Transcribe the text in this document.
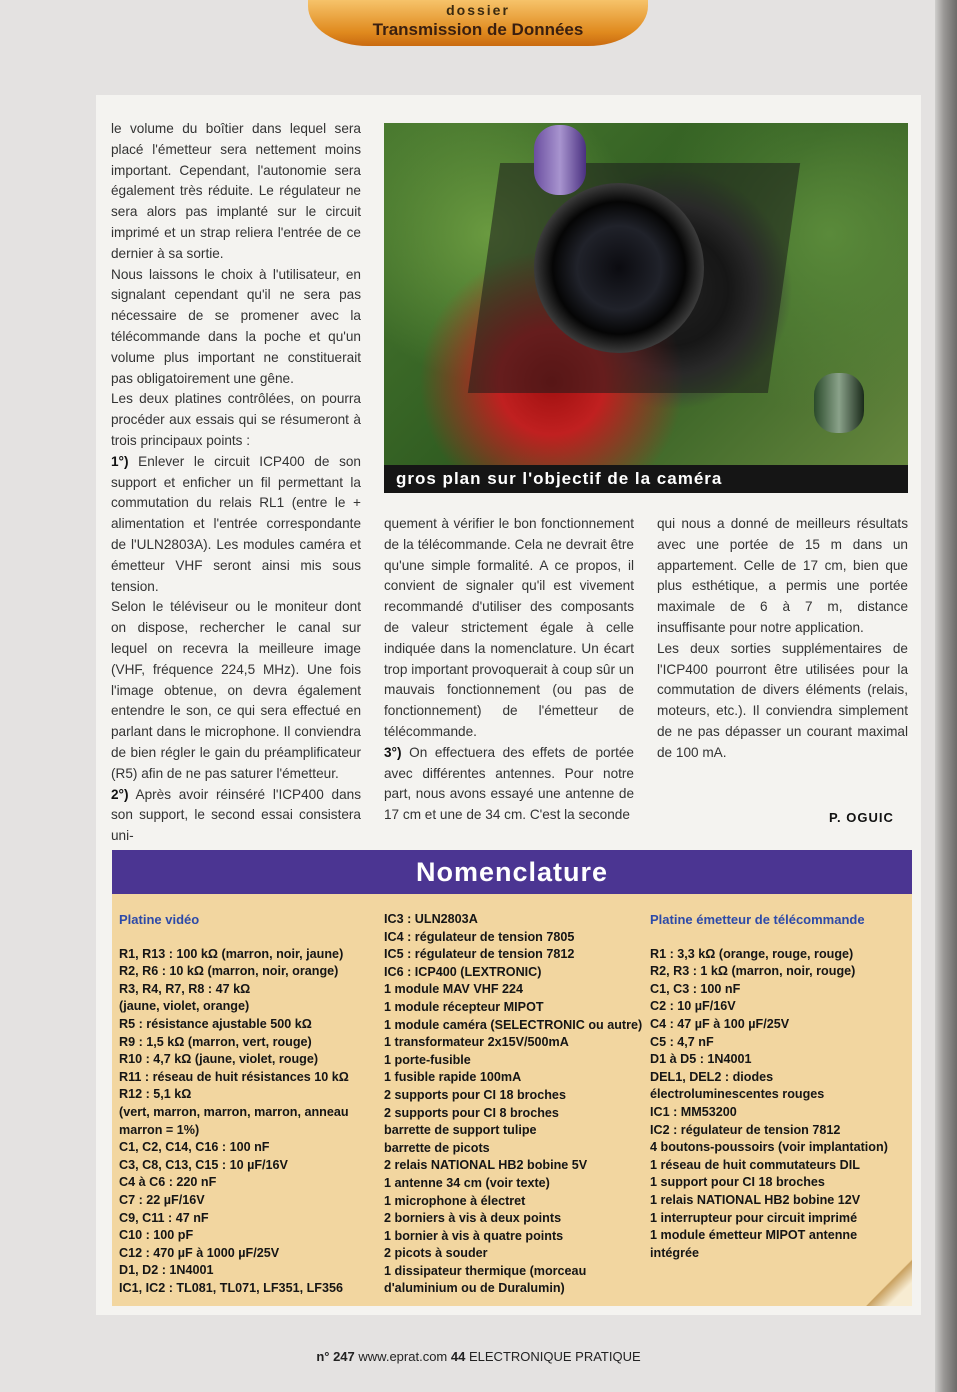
dossier
Transmission de Données

le volume du boîtier dans lequel sera placé l'émetteur sera nettement moins important. Cependant, l'autonomie sera également très réduite. Le régulateur ne sera alors pas implanté sur le circuit imprimé et un strap reliera l'entrée de ce dernier à sa sortie.

Nous laissons le choix à l'utilisateur, en signalant cependant qu'il ne sera pas nécessaire de se promener avec la télécommande dans la poche et qu'un volume plus important ne constituerait pas obligatoirement une gêne.

Les deux platines contrôlées, on pourra procéder aux essais qui se résumeront à trois principaux points :

1°) Enlever le circuit ICP400 de son support et enficher un fil permettant la commutation du relais RL1 (entre le + alimentation et l'entrée correspondante de l'ULN2803A). Les modules caméra et émetteur VHF seront ainsi mis sous tension.

Selon le téléviseur ou le moniteur dont on dispose, rechercher le canal sur lequel on recevra la meilleure image (VHF, fréquence 224,5 MHz). Une fois l'image obtenue, on devra également entendre le son, ce qui sera effectué en parlant dans le microphone. Il conviendra de bien régler le gain du préamplificateur (R5) afin de ne pas saturer l'émetteur.

2°) Après avoir réinséré l'ICP400 dans son support, le second essai consistera uni-

gros plan sur l'objectif de la caméra

quement à vérifier le bon fonctionnement de la télécommande. Cela ne devrait être qu'une simple formalité. A ce propos, il convient de signaler qu'il est vivement recommandé d'utiliser des composants de valeur strictement égale à celle indiquée dans la nomenclature. Un écart trop important provoquerait à coup sûr un mauvais fonctionnement (ou pas de fonctionnement) de l'émetteur de télécommande.

3°) On effectuera des effets de portée avec différentes antennes. Pour notre part, nous avons essayé une antenne de 17 cm et une de 34 cm. C'est la seconde

qui nous a donné de meilleurs résultats avec une portée de 15 m dans un appartement. Celle de 17 cm, bien que plus esthétique, a permis une portée maximale de 6 à 7 m, distance insuffisante pour notre application.

Les deux sorties supplémentaires de l'ICP400 pourront être utilisées pour la commutation de divers éléments (relais, moteurs, etc.). Il conviendra simplement de ne pas dépasser un courant maximal de 100 mA.

P. OGUIC
Nomenclature
Platine vidéo
R1, R13 : 100 kΩ (marron, noir, jaune)
R2, R6 : 10 kΩ (marron, noir, orange)
R3, R4, R7, R8 : 47 kΩ
(jaune, violet, orange)
R5 : résistance ajustable 500 kΩ
R9 : 1,5 kΩ (marron, vert, rouge)
R10 : 4,7 kΩ (jaune, violet, rouge)
R11 : réseau de huit résistances 10 kΩ
R12 : 5,1 kΩ
(vert, marron, marron, marron, anneau marron = 1%)
C1, C2, C14, C16 : 100 nF
C3, C8, C13, C15 : 10 µF/16V
C4 à C6 : 220 nF
C7 : 22 µF/16V
C9, C11 : 47 nF
C10 : 100 pF
C12 : 470 µF à 1000 µF/25V
D1, D2 : 1N4001
IC1, IC2 : TL081, TL071, LF351, LF356
IC3 : ULN2803A
IC4 : régulateur de tension 7805
IC5 : régulateur de tension 7812
IC6 : ICP400 (LEXTRONIC)
1 module MAV VHF 224
1 module récepteur MIPOT
1 module caméra (SELECTRONIC ou autre)
1 transformateur 2x15V/500mA
1 porte-fusible
1 fusible rapide 100mA
2 supports pour CI 18 broches
2 supports pour CI 8 broches
barrette de support tulipe
barrette de picots
2 relais NATIONAL HB2 bobine 5V
1 antenne 34 cm (voir texte)
1 microphone à électret
2 borniers à vis à deux points
1 bornier à vis à quatre points
2 picots à souder
1 dissipateur thermique (morceau d'aluminium ou de Duralumin)
Platine émetteur de télécommande
R1 : 3,3 kΩ (orange, rouge, rouge)
R2, R3 : 1 kΩ (marron, noir, rouge)
C1, C3 : 100 nF
C2 : 10 µF/16V
C4 : 47 µF à 100 µF/25V
C5 : 4,7 nF
D1 à D5 : 1N4001
DEL1, DEL2 : diodes électroluminescentes rouges
IC1 : MM53200
IC2 : régulateur de tension 7812
4 boutons-poussoirs (voir implantation)
1 réseau de huit commutateurs DIL
1 support pour CI 18 broches
1 relais NATIONAL HB2 bobine 12V
1 interrupteur pour circuit imprimé
1 module émetteur MIPOT antenne intégrée
n° 247 www.eprat.com 44 ELECTRONIQUE PRATIQUE
